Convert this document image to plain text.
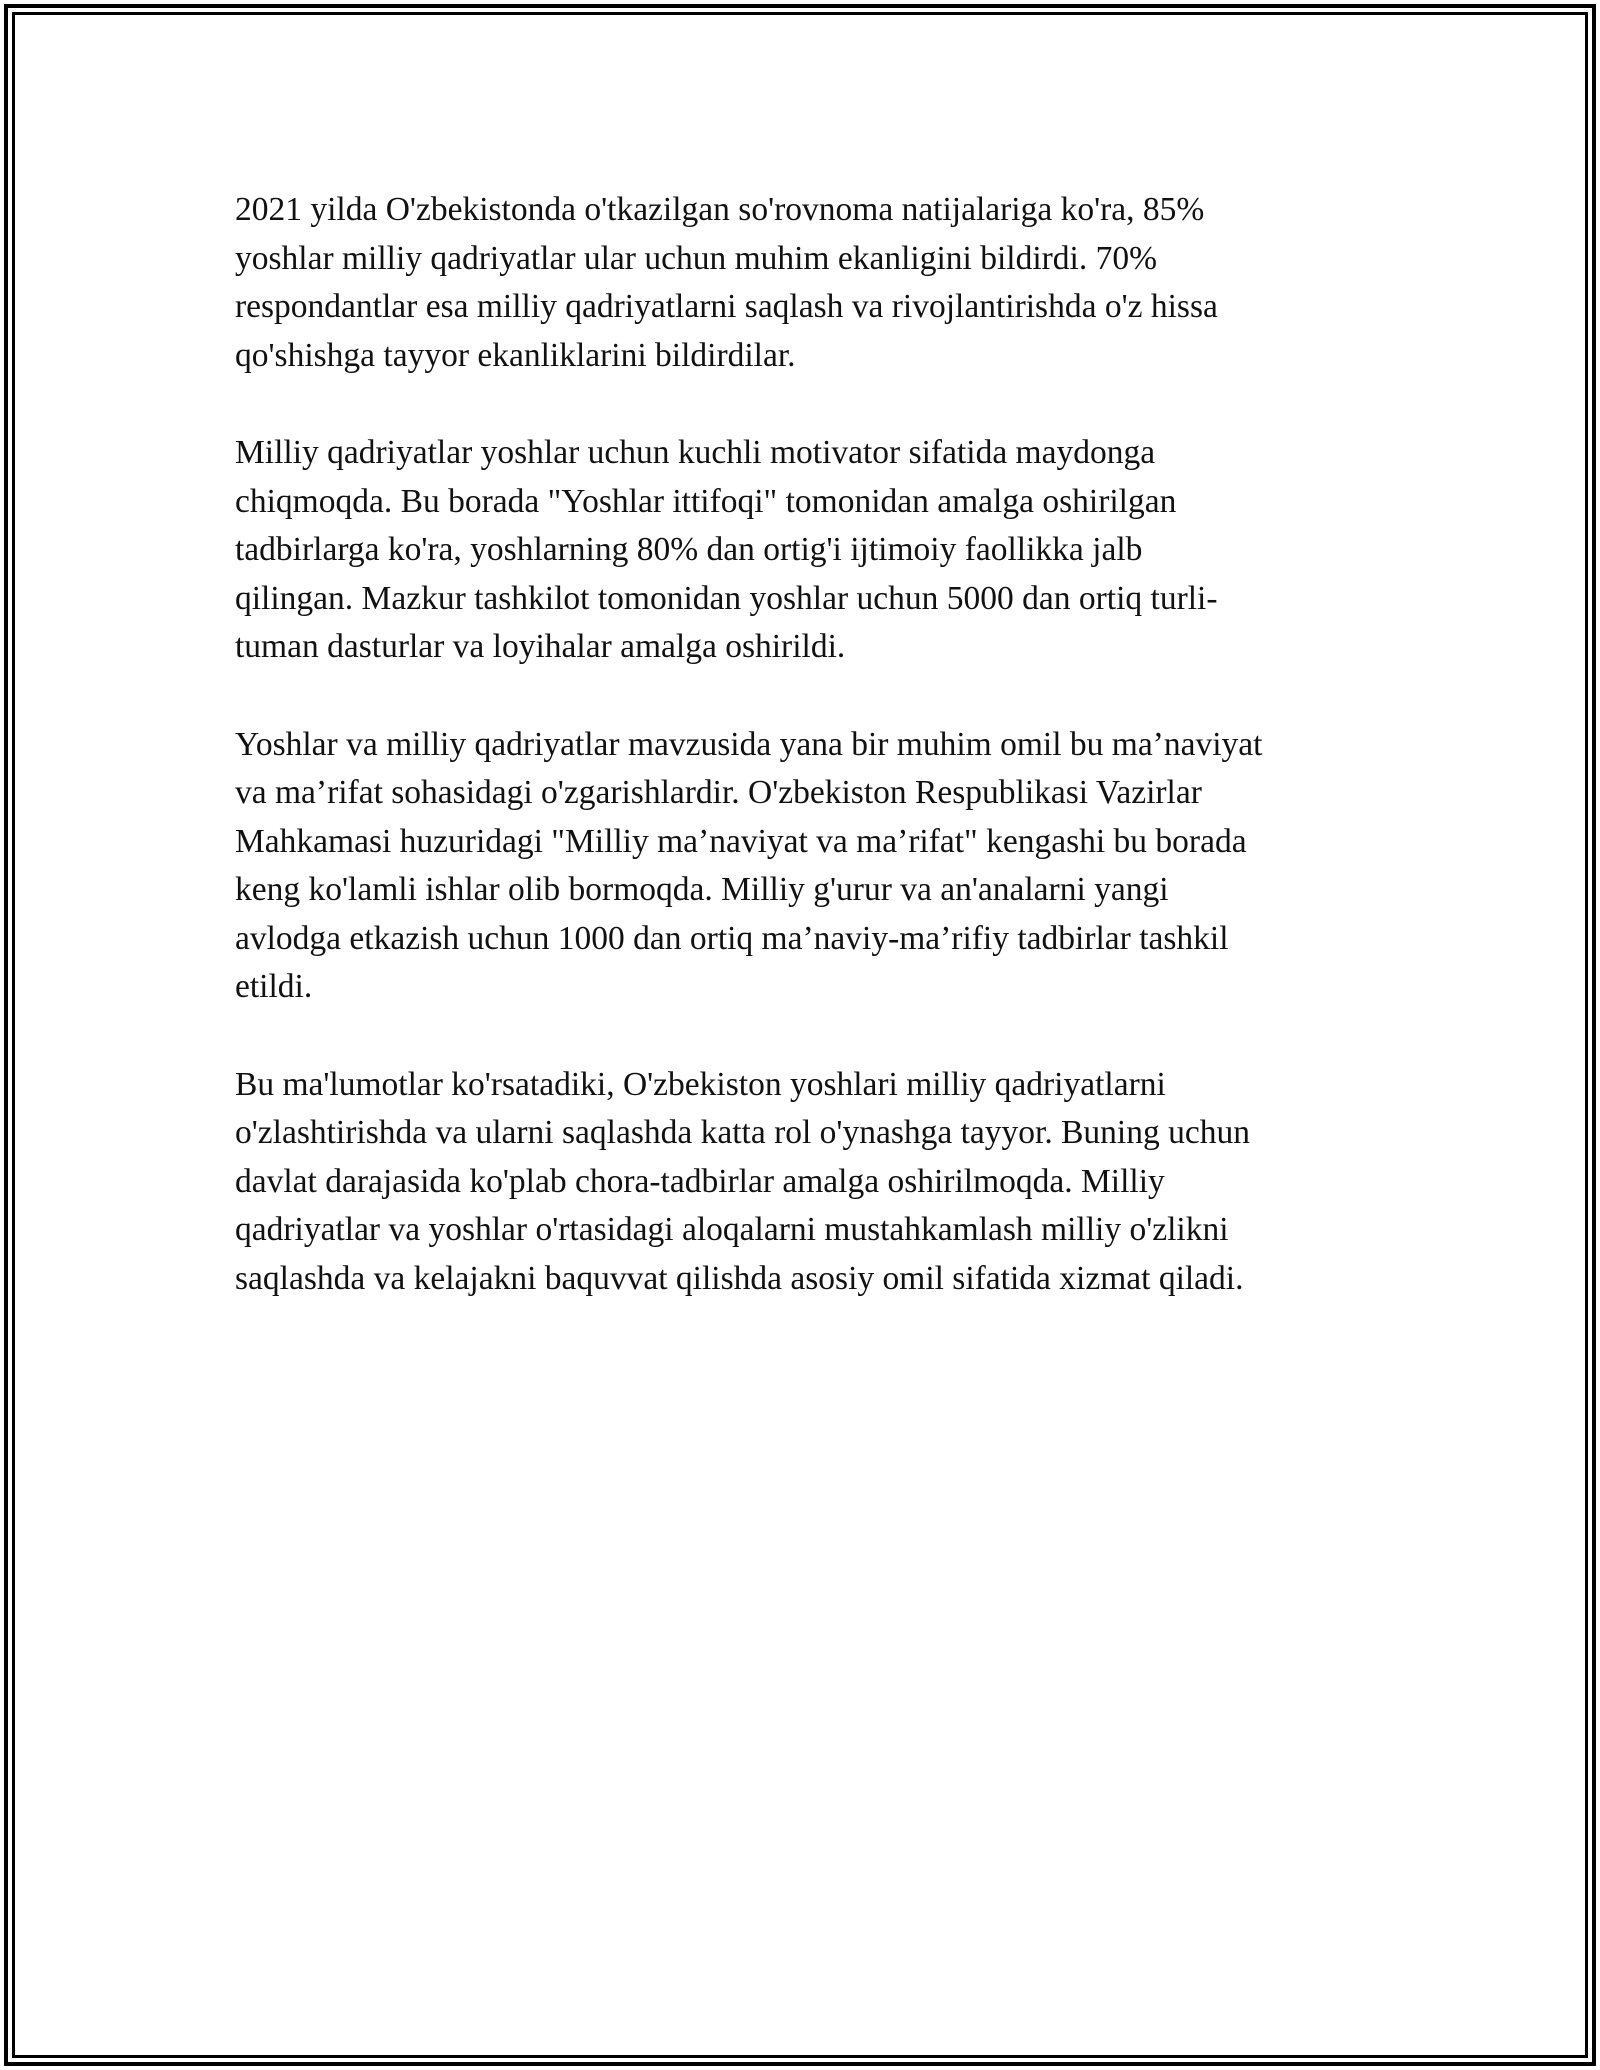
2021 yilda O'zbekistonda o'tkazilgan so'rovnoma natijalariga ko'ra, 85%
yoshlar milliy qadriyatlar ular uchun muhim ekanligini bildirdi. 70%
respondantlar esa milliy qadriyatlarni saqlash va rivojlantirishda o'z hissa
qo'shishga tayyor ekanliklarini bildirdilar.

Milliy qadriyatlar yoshlar uchun kuchli motivator sifatida maydonga
chiqmoqda. Bu borada "Yoshlar ittifoqi" tomonidan amalga oshirilgan
tadbirlarga ko'ra, yoshlarning 80% dan ortig'i ijtimoiy faollikka jalb
qilingan. Mazkur tashkilot tomonidan yoshlar uchun 5000 dan ortiq turli-
tuman dasturlar va loyihalar amalga oshirildi.

Yoshlar va milliy qadriyatlar mavzusida yana bir muhim omil bu ma’naviyat
va ma’rifat sohasidagi o'zgarishlardir. O'zbekiston Respublikasi Vazirlar
Mahkamasi huzuridagi "Milliy ma’naviyat va ma’rifat" kengashi bu borada
keng ko'lamli ishlar olib bormoqda. Milliy g'urur va an'analarni yangi
avlodga etkazish uchun 1000 dan ortiq ma’naviy-ma’rifiy tadbirlar tashkil
etildi.

Bu ma'lumotlar ko'rsatadiki, O'zbekiston yoshlari milliy qadriyatlarni
o'zlashtirishda va ularni saqlashda katta rol o'ynashga tayyor. Buning uchun
davlat darajasida ko'plab chora-tadbirlar amalga oshirilmoqda. Milliy
qadriyatlar va yoshlar o'rtasidagi aloqalarni mustahkamlash milliy o'zlikni
saqlashda va kelajakni baquvvat qilishda asosiy omil sifatida xizmat qiladi.
